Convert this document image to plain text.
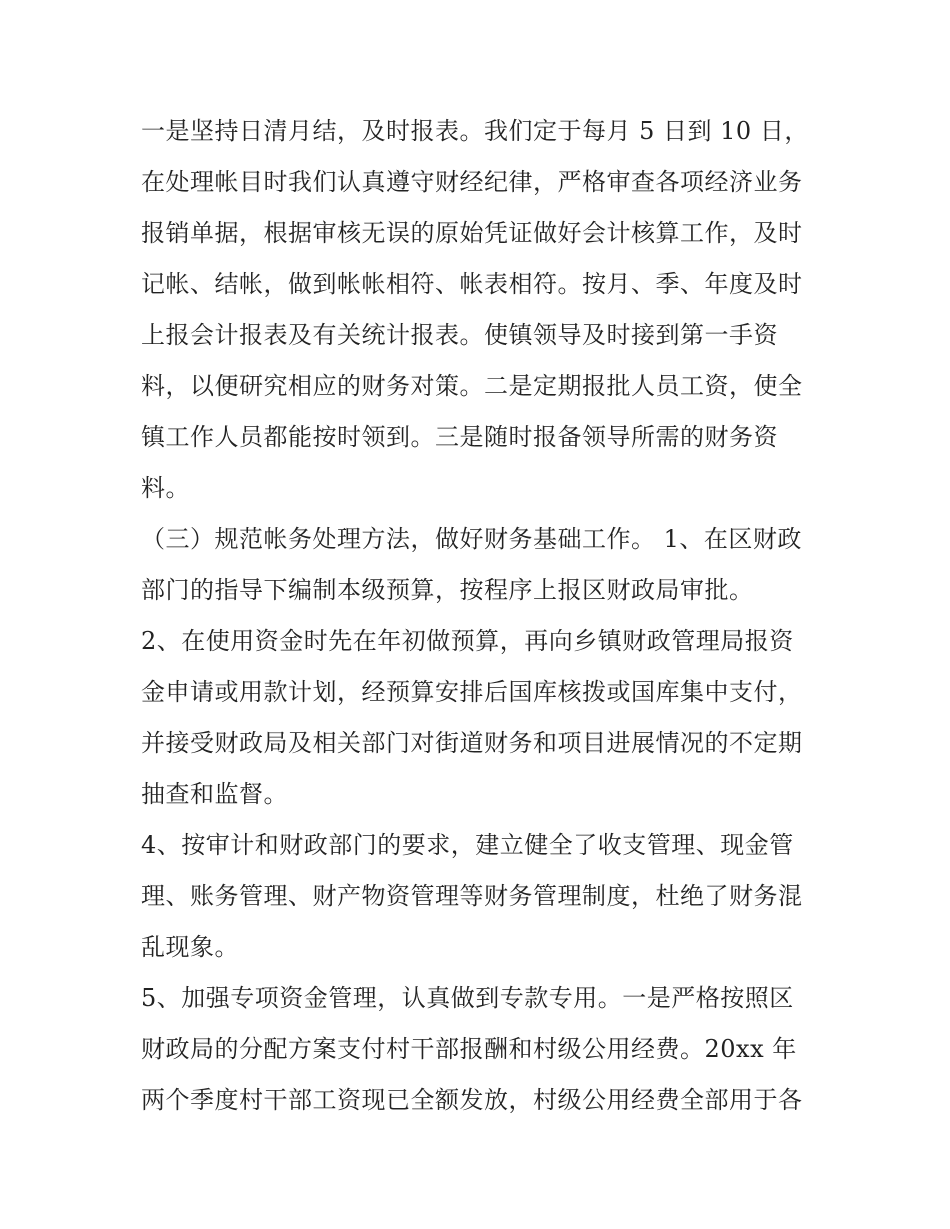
一是坚持日清月结，及时报表。我们定于每月 5 日到 10 日，
在处理帐目时我们认真遵守财经纪律，严格审查各项经济业务
报销单据，根据审核无误的原始凭证做好会计核算工作，及时
记帐、结帐，做到帐帐相符、帐表相符。按月、季、年度及时
上报会计报表及有关统计报表。使镇领导及时接到第一手资
料，以便研究相应的财务对策。二是定期报批人员工资，使全
镇工作人员都能按时领到。三是随时报备领导所需的财务资
料。
（三）规范帐务处理方法，做好财务基础工作。 1、在区财政
部门的指导下编制本级预算，按程序上报区财政局审批。
2、在使用资金时先在年初做预算，再向乡镇财政管理局报资
金申请或用款计划，经预算安排后国库核拨或国库集中支付，
并接受财政局及相关部门对街道财务和项目进展情况的不定期
抽查和监督。
4、按审计和财政部门的要求，建立健全了收支管理、现金管
理、账务管理、财产物资管理等财务管理制度，杜绝了财务混
乱现象。
5、加强专项资金管理，认真做到专款专用。一是严格按照区
财政局的分配方案支付村干部报酬和村级公用经费。20xx 年
两个季度村干部工资现已全额发放，村级公用经费全部用于各
